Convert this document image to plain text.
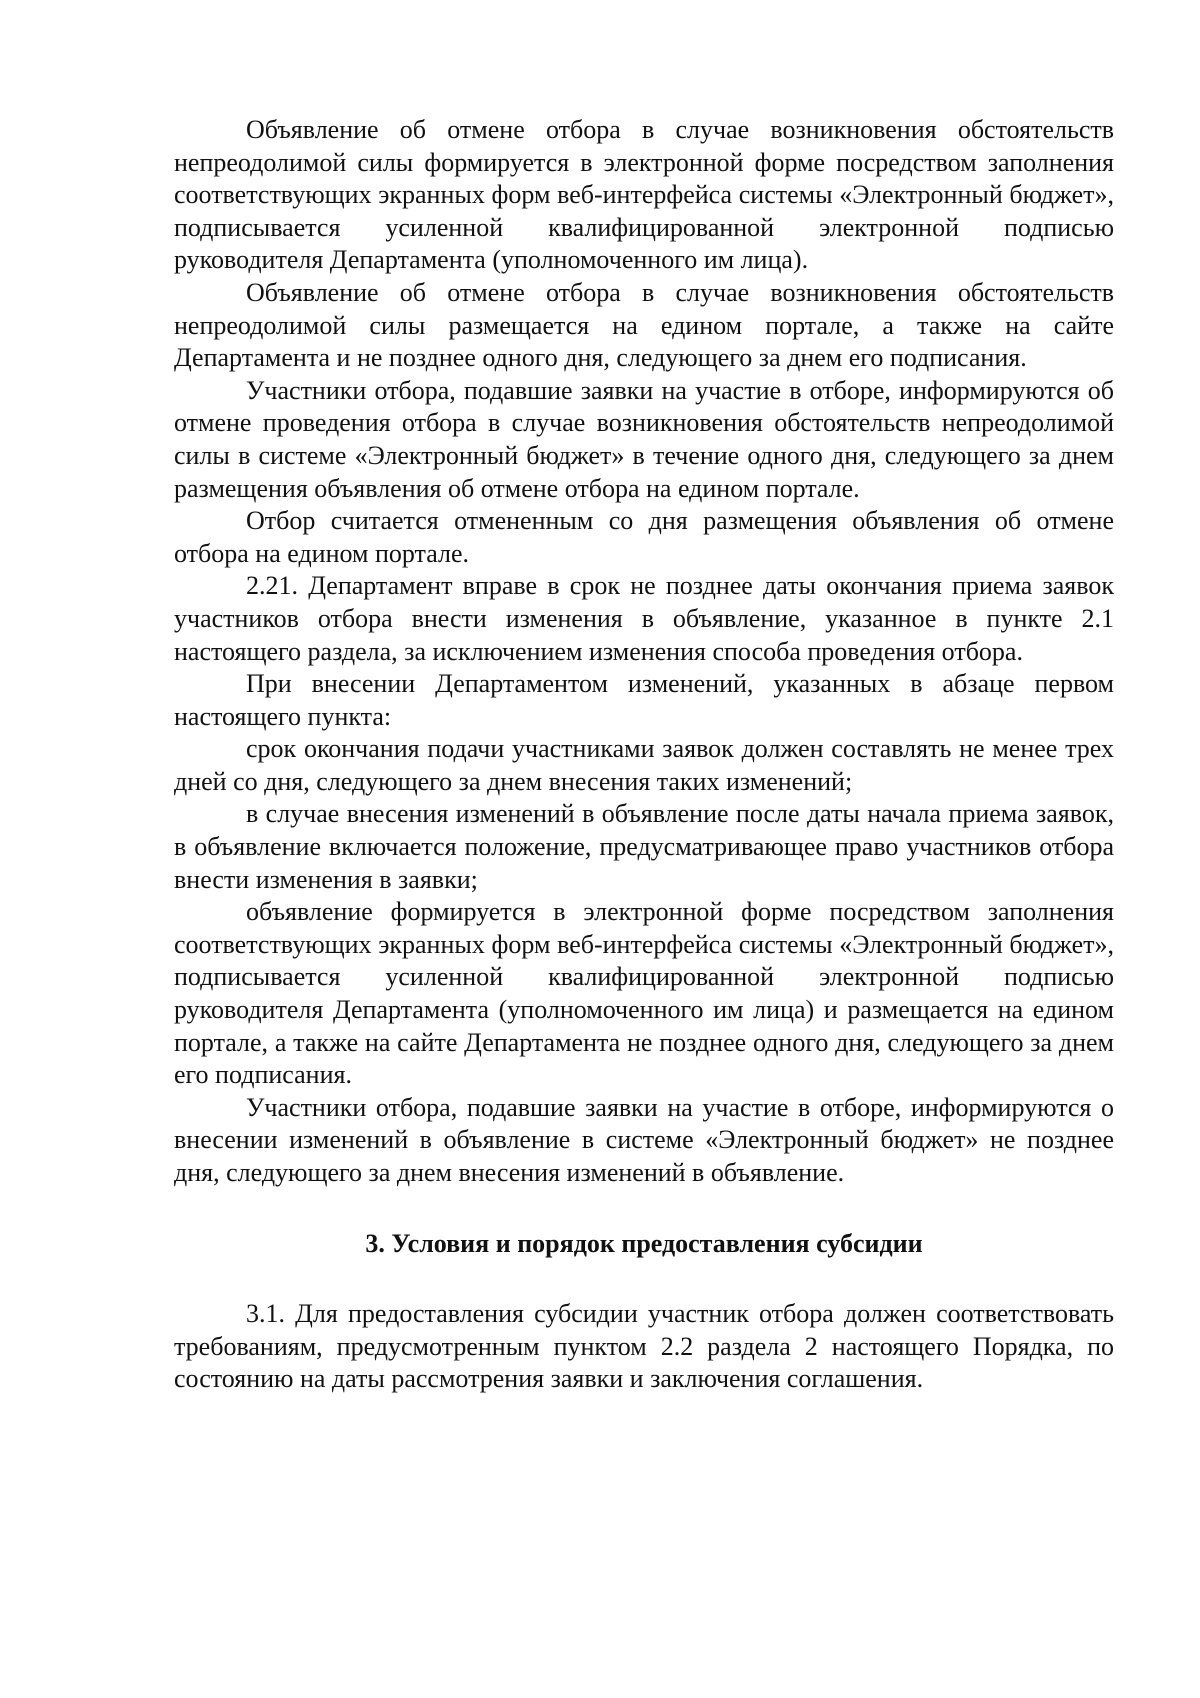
Объявление об отмене отбора в случае возникновения обстоятельств непреодолимой силы формируется в электронной форме посредством заполнения соответствующих экранных форм веб-интерфейса системы «Электронный бюджет», подписывается усиленной квалифицированной электронной подписью руководителя Департамента (уполномоченного им лица).

Объявление об отмене отбора в случае возникновения обстоятельств непреодолимой силы размещается на едином портале, а также на сайте Департамента и не позднее одного дня, следующего за днем его подписания.

Участники отбора, подавшие заявки на участие в отборе, информируются об отмене проведения отбора в случае возникновения обстоятельств непреодолимой силы в системе «Электронный бюджет» в течение одного дня, следующего за днем размещения объявления об отмене отбора на едином портале.

Отбор считается отмененным со дня размещения объявления об отмене отбора на едином портале.

2.21. Департамент вправе в срок не позднее даты окончания приема заявок участников отбора внести изменения в объявление, указанное в пункте 2.1 настоящего раздела, за исключением изменения способа проведения отбора.

При внесении Департаментом изменений, указанных в абзаце первом настоящего пункта:

срок окончания подачи участниками заявок должен составлять не менее трех дней со дня, следующего за днем внесения таких изменений;

в случае внесения изменений в объявление после даты начала приема заявок, в объявление включается положение, предусматривающее право участников отбора внести изменения в заявки;

объявление формируется в электронной форме посредством заполнения соответствующих экранных форм веб-интерфейса системы «Электронный бюджет», подписывается усиленной квалифицированной электронной подписью руководителя Департамента (уполномоченного им лица) и размещается на едином портале, а также на сайте Департамента не позднее одного дня, следующего за днем его подписания.

Участники отбора, подавшие заявки на участие в отборе, информируются о внесении изменений в объявление в системе «Электронный бюджет» не позднее дня, следующего за днем внесения изменений в объявление.

3. Условия и порядок предоставления субсидии

3.1. Для предоставления субсидии участник отбора должен соответствовать требованиям, предусмотренным пунктом 2.2 раздела 2 настоящего Порядка, по состоянию на даты рассмотрения заявки и заключения соглашения.
